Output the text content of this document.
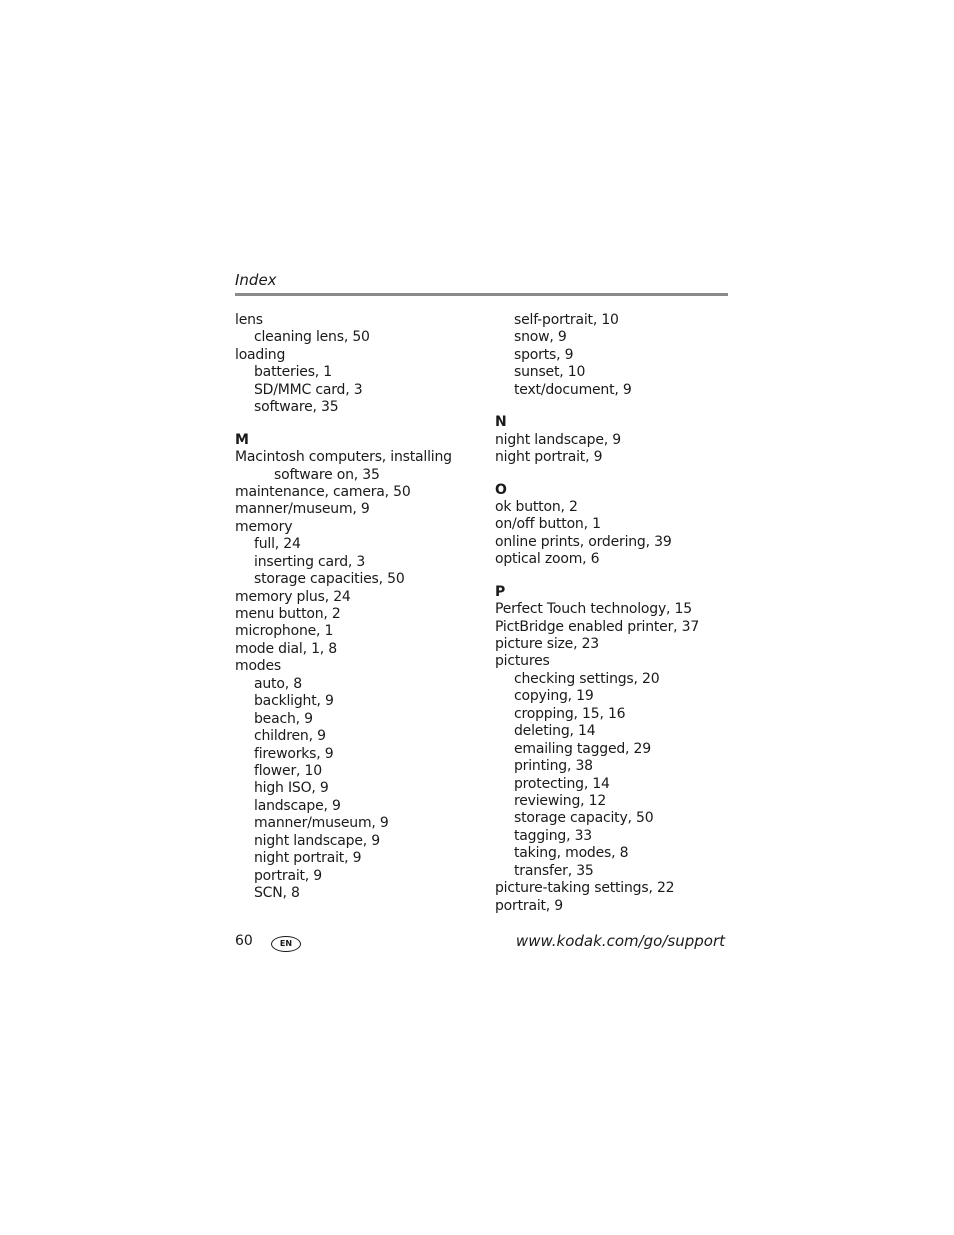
Index
lens
cleaning lens, 50
loading
batteries, 1
SD/MMC card, 3
software, 35
M
Macintosh computers, installing
software on, 35
maintenance, camera, 50
manner/museum, 9
memory
full, 24
inserting card, 3
storage capacities, 50
memory plus, 24
menu button, 2
microphone, 1
mode dial, 1, 8
modes
auto, 8
backlight, 9
beach, 9
children, 9
fireworks, 9
flower, 10
high ISO, 9
landscape, 9
manner/museum, 9
night landscape, 9
night portrait, 9
portrait, 9
SCN, 8
self-portrait, 10
snow, 9
sports, 9
sunset, 10
text/document, 9
N
night landscape, 9
night portrait, 9
O
ok button, 2
on/off button, 1
online prints, ordering, 39
optical zoom, 6
P
Perfect Touch technology, 15
PictBridge enabled printer, 37
picture size, 23
pictures
checking settings, 20
copying, 19
cropping, 15, 16
deleting, 14
emailing tagged, 29
printing, 38
protecting, 14
reviewing, 12
storage capacity, 50
tagging, 33
taking, modes, 8
transfer, 35
picture-taking settings, 22
portrait, 9
60	EN	www.kodak.com/go/support
